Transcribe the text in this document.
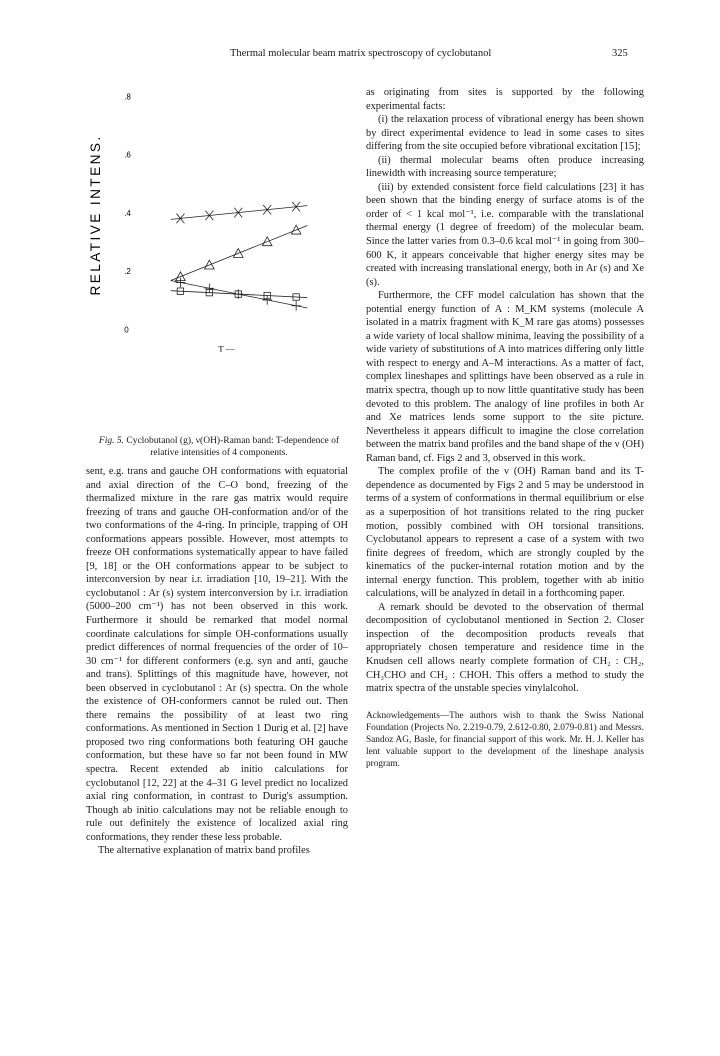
Thermal molecular beam matrix spectroscopy of cyclobutanol	325
RELATIVE INTENS.
.8
.6
.4
.2
0
T —
Fig. 5. Cyclobutanol (g), ν(OH)-Raman band: T-dependence of relative intensities of 4 components.

sent, e.g. trans and gauche OH conformations with equatorial and axial direction of the C–O bond, freezing of the thermalized mixture in the rare gas matrix would require freezing of trans and gauche OH-conformation and/or of the two conformations of the 4-ring. In principle, trapping of OH conformations appears possible. However, most attempts to freeze OH conformations systematically appear to have failed [9, 18] or the OH conformations appear to be subject to interconversion by near i.r. irradiation [10, 19–21]. With the cyclobutanol : Ar (s) system interconversion by i.r. irradiation (5000–200 cm⁻¹) has not been observed in this work. Furthermore it should be remarked that model normal coordinate calculations for simple OH-conformations usually predict differences of normal frequencies of the order of 10–30 cm⁻¹ for different conformers (e.g. syn and anti, gauche and trans). Splittings of this magnitude have, however, not been observed in cyclobutanol : Ar (s) spectra. On the whole the existence of OH-conformers cannot be ruled out. Then there remains the possibility of at least two ring conformations. As mentioned in Section 1 Durig et al. [2] have proposed two ring conformations both featuring OH gauche conformation, but these have so far not been found in MW spectra. Recent extended ab initio calculations for cyclobutanol [12, 22] at the 4–31 G level predict no localized axial ring conformation, in contrast to Durig's assumption. Though ab initio calculations may not be reliable enough to rule out definitely the existence of localized axial ring conformations, they render these less probable.

The alternative explanation of matrix band profiles

as originating from sites is supported by the following experimental facts:

(i) the relaxation process of vibrational energy has been shown by direct experimental evidence to lead in some cases to sites differing from the site occupied before vibrational excitation [15];

(ii) thermal molecular beams often produce increasing linewidth with increasing source temperature;

(iii) by extended consistent force field calculations [23] it has been shown that the binding energy of surface atoms is of the order of < 1 kcal mol⁻¹, i.e. comparable with the translational thermal energy (1 degree of freedom) of the molecular beam. Since the latter varies from 0.3–0.6 kcal mol⁻¹ in going from 300–600 K, it appears conceivable that higher energy sites may be created with increasing translational energy, both in Ar (s) and Xe (s).

Furthermore, the CFF model calculation has shown that the potential energy function of A : M_KM systems (molecule A isolated in a matrix fragment with K_M rare gas atoms) possesses a wide variety of local shallow minima, leaving the possibility of a wide variety of substitutions of A into matrices differing only little with respect to energy and A–M interactions. As a matter of fact, complex lineshapes and splittings have been observed as a rule in matrix spectra, though up to now little quantitative study has been devoted to this problem. The analogy of line profiles in both Ar and Xe matrices lends some support to the site picture. Nevertheless it appears difficult to imagine the close correlation between the matrix band profiles and the band shape of the ν (OH) Raman band, cf. Figs 2 and 3, observed in this work.

The complex profile of the ν (OH) Raman band and its T-dependence as documented by Figs 2 and 5 may be understood in terms of a system of conformations in thermal equilibrium or else as a superposition of hot transitions related to the ring pucker motion, possibly combined with OH torsional transitions. Cyclobutanol appears to represent a case of a system with two finite degrees of freedom, which are strongly coupled by the kinematics of the pucker-internal rotation motion and by the internal energy function. This problem, together with ab initio calculations, will be analyzed in detail in a forthcoming paper.

A remark should be devoted to the observation of thermal decomposition of cyclobutanol mentioned in Section 2. Closer inspection of the decomposition products reveals that appropriately chosen temperature and residence time in the Knudsen cell allows nearly complete formation of CH₂ : CH₂, CH₃CHO and CH₂ : CHOH. This offers a method to study the matrix spectra of the unstable species vinylalcohol.

Acknowledgements—The authors wish to thank the Swiss National Foundation (Projects No. 2.219-0.79, 2.612-0.80, 2.079-0.81) and Messrs. Sandoz AG, Basle, for financial support of this work. Mr. H. J. Keller has lent valuable support to the development of the lineshape analysis program.
